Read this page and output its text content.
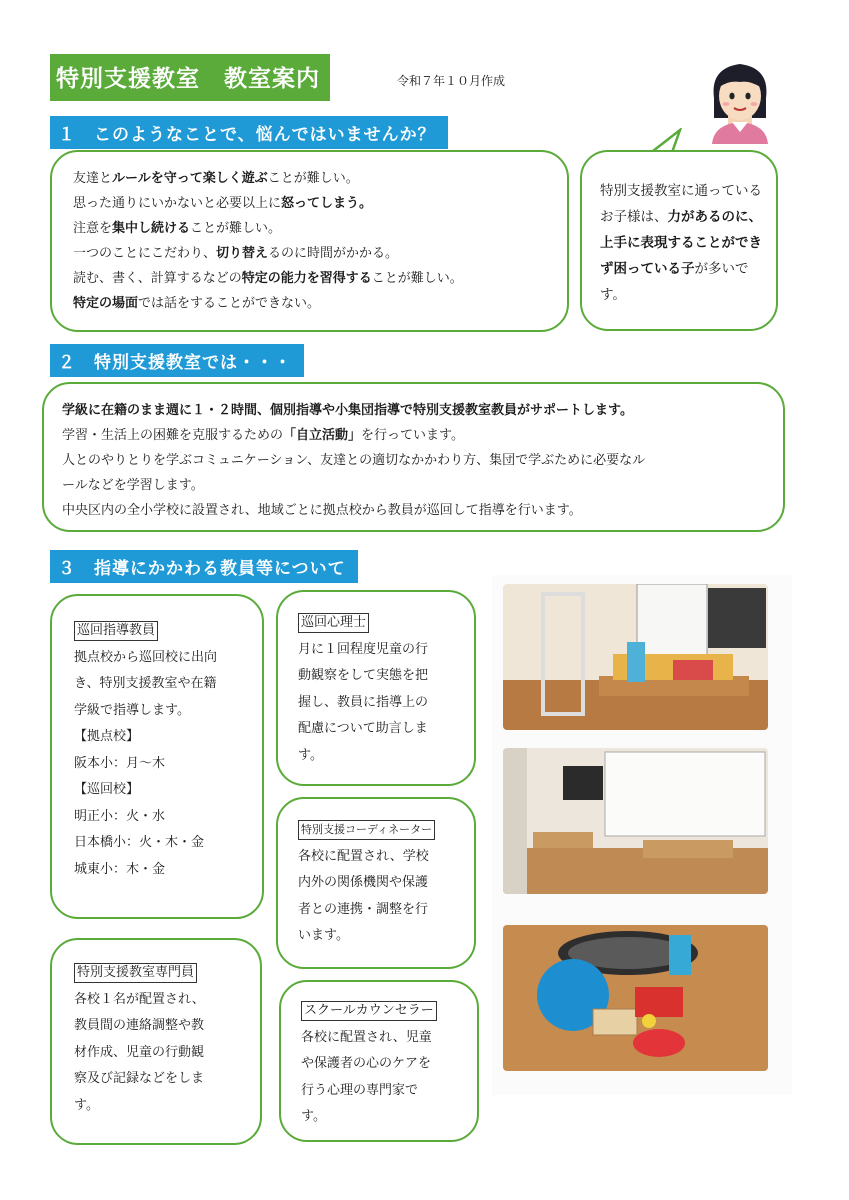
特別支援教室　教室案内	令和７年１０月作成
１　このようなことで、悩んではいませんか？

友達とルールを守って楽しく遊ぶことが難しい。

思った通りにいかないと必要以上に怒ってしまう。

注意を集中し続けることが難しい。

一つのことにこだわり、切り替えるのに時間がかかる。

読む、書く、計算するなどの特定の能力を習得することが難しい。

特定の場面では話をすることができない。

特別支援教室に通っているお子様は、力があるのに、上手に表現することができず困っている子が多いです。
２　特別支援教室では・・・

学級に在籍のまま週に１・２時間、個別指導や小集団指導で特別支援教室教員がサポートします。

学習・生活上の困難を克服するための「自立活動」を行っています。

人とのやりとりを学ぶコミュニケーション、友達との適切なかかわり方、集団で学ぶために必要なル

ールなどを学習します。

中央区内の全小学校に設置され、地域ごとに拠点校から教員が巡回して指導を行います。

３　指導にかかわる教員等について
巡回指導教員
拠点校から巡回校に出向
き、特別支援教室や在籍
学級で指導します。
【拠点校】
阪本小：月～木
【巡回校】
明正小：火・水
日本橋小：火・木・金
城東小：木・金
特別支援教室専門員
各校１名が配置され、
教員間の連絡調整や教
材作成、児童の行動観
察及び記録などをしま
す。
巡回心理士
月に１回程度児童の行
動観察をして実態を把
握し、教員に指導上の
配慮について助言しま
す。
特別支援コーディネーター
各校に配置され、学校
内外の関係機関や保護
者との連携・調整を行
います。
スクールカウンセラー
各校に配置され、児童
や保護者の心のケアを
行う心理の専門家で
す。
